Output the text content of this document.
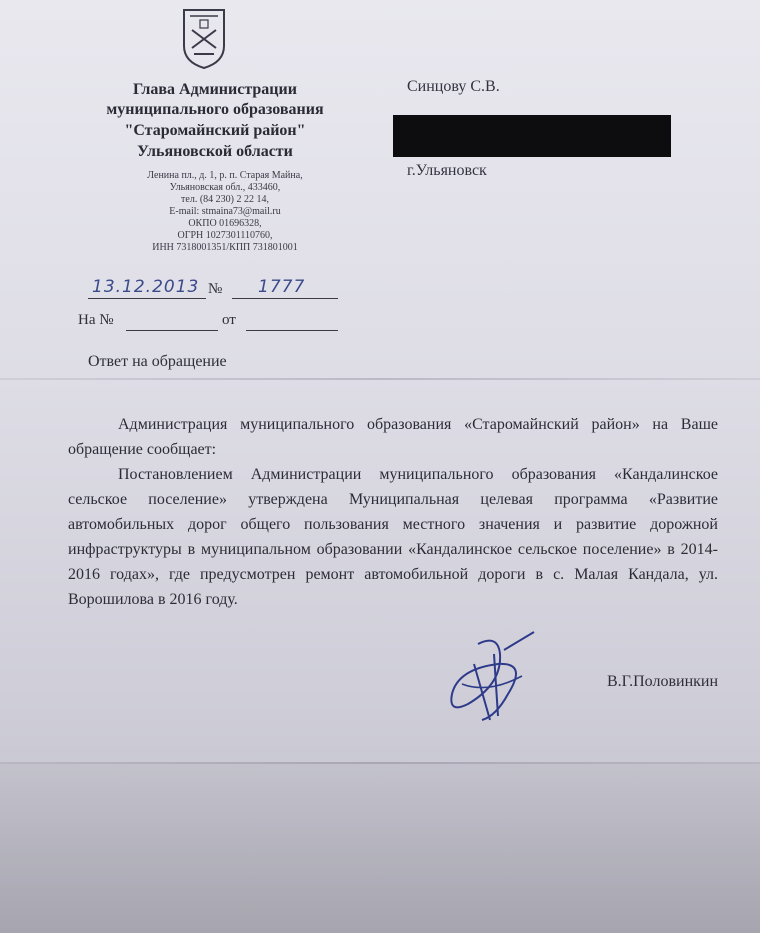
Глава Администрации
муниципального образования
"Старомайнский район"
Ульяновской области
Ленина пл., д. 1, р. п. Старая Майна,
Ульяновская обл., 433460,
тел. (84 230) 2 22 14,
E-mail: stmaina73@mail.ru
ОКПО 01696328,
ОГРН 1027301110760,
ИНН 7318001351/КПП 731801001
Синцову С.В.
г.Ульяновск
13.12.2013 № 1777
На №	от
Ответ на обращение

Администрация муниципального образования «Старомайнский район» на Ваше обращение сообщает:

Постановлением Администрации муниципального образования «Кандалинское сельское поселение» утверждена Муниципальная целевая программа «Развитие автомобильных дорог общего пользования местного значения и развитие дорожной инфраструктуры в муниципальном образовании «Кандалинское сельское поселение» в 2014-2016 годах», где предусмотрен ремонт автомобильной дороги в с. Малая Кандала, ул. Ворошилова в 2016 году.

В.Г.Половинкин
